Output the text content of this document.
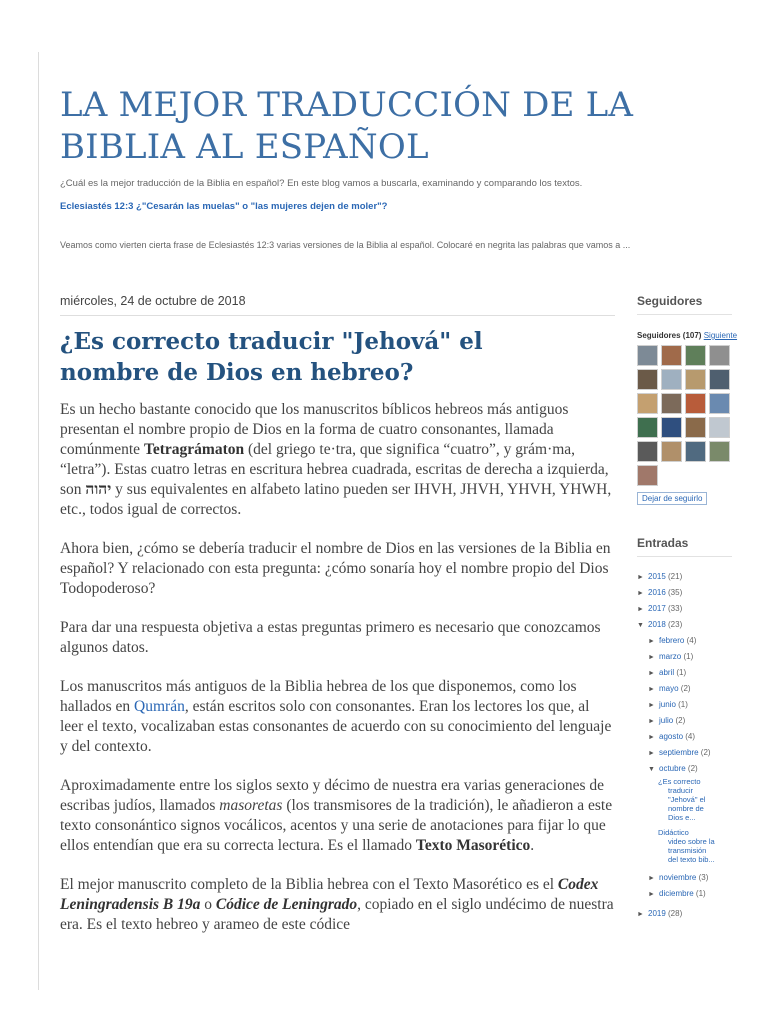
LA MEJOR TRADUCCIÓN DE LA
BIBLIA AL ESPAÑOL
¿Cuál es la mejor traducción de la Biblia en español? En este blog vamos a buscarla, examinando y comparando los textos.
Eclesiastés 12:3 ¿"Cesarán las muelas" o "las mujeres dejen de moler"?
Veamos como vierten cierta frase de Eclesiastés 12:3 varias versiones de la Biblia al español. Colocaré en negrita las palabras que vamos a ...
miércoles, 24 de octubre de 2018
¿Es correcto traducir "Jehová" el
nombre de Dios en hebreo?

Es un hecho bastante conocido que los manuscritos bíblicos hebreos más antiguos presentan el nombre propio de Dios en la forma de cuatro consonantes, llamada comúnmente Tetragrámaton (del griego te·tra, que significa “cuatro”, y grám·ma, “letra”). Estas cuatro letras en escritura hebrea cuadrada, escritas de derecha a izquierda, son יהוה y sus equivalentes en alfabeto latino pueden ser IHVH, JHVH, YHVH, YHWH, etc., todos igual de correctos.

Ahora bien, ¿cómo se debería traducir el nombre de Dios en las versiones de la Biblia en español? Y relacionado con esta pregunta: ¿cómo sonaría hoy el nombre propio del Dios Todopoderoso?

Para dar una respuesta objetiva a estas preguntas primero es necesario que conozcamos algunos datos.

Los manuscritos más antiguos de la Biblia hebrea de los que disponemos, como los hallados en Qumrán, están escritos solo con consonantes. Eran los lectores los que, al leer el texto, vocalizaban estas consonantes de acuerdo con su conocimiento del lenguaje y del contexto.

Aproximadamente entre los siglos sexto y décimo de nuestra era varias generaciones de escribas judíos, llamados masoretas (los transmisores de la tradición), le añadieron a este texto consonántico signos vocálicos, acentos y una serie de anotaciones para fijar lo que ellos entendían que era su correcta lectura. Es el llamado Texto Masorético.

El mejor manuscrito completo de la Biblia hebrea con el Texto Masorético es el Codex Leningradensis B 19a o Códice de Leningrado, copiado en el siglo undécimo de nuestra era. Es el texto hebreo y arameo de este códice

Seguidores
Seguidores (107) Siguiente
Dejar de seguirlo
Entradas
► 2015 (21)
► 2016 (35)
► 2017 (33)
▼ 2018 (23)
► febrero (4)
► marzo (1)
► abril (1)
► mayo (2)
► junio (1)
► julio (2)
► agosto (4)
► septiembre (2)
▼ octubre (2)
¿Es correcto
traducir "Jehová" el nombre de Dios e...
Didáctico
video sobre la transmisión del texto bib...
► noviembre (3)
► diciembre (1)
► 2019 (28)
